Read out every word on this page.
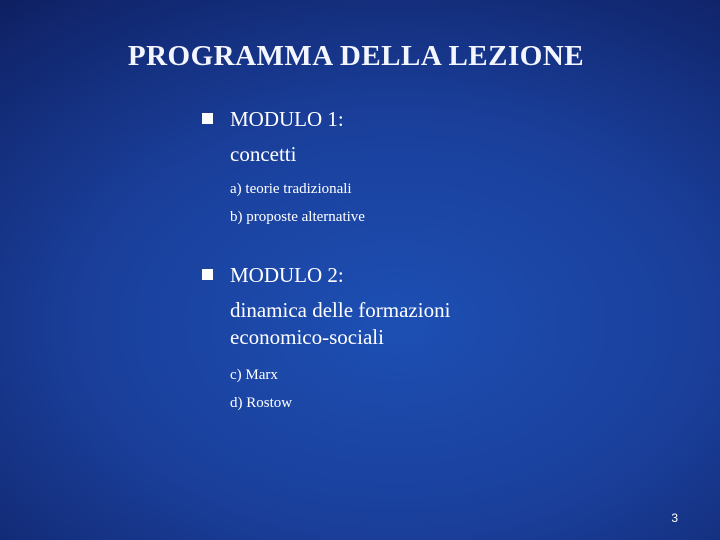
PROGRAMMA DELLA LEZIONE

MODULO 1:

concetti

a) teorie tradizionali

b) proposte alternative

MODULO 2:

dinamica delle formazioni

economico-sociali

c) Marx

d) Rostow

3
